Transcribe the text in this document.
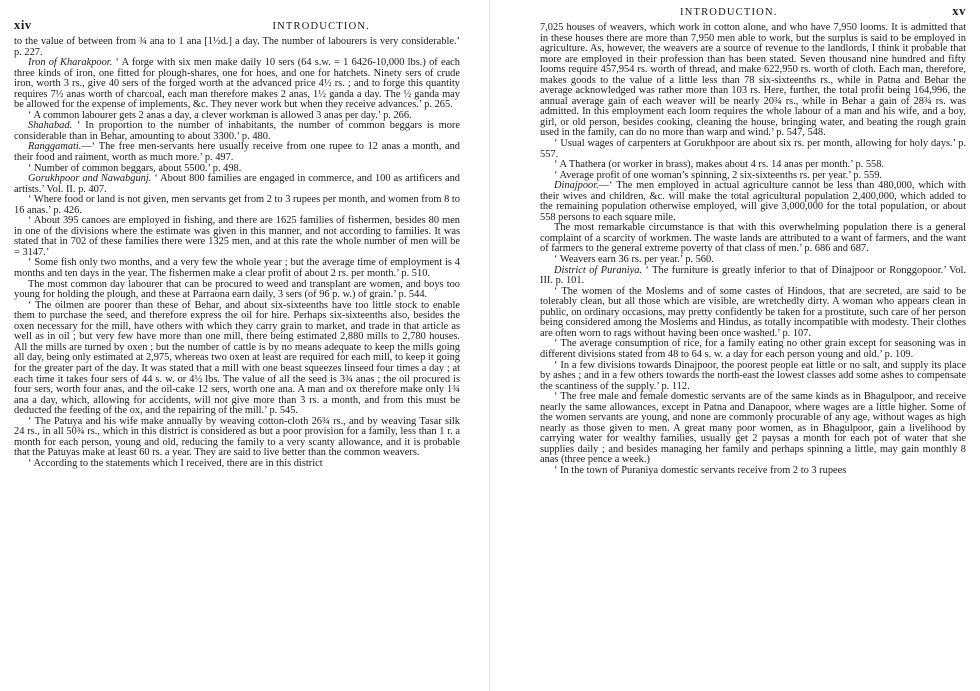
xiv	INTRODUCTION.

to the value of between from ¾ ana to 1 ana [1½d.] a day. The number of labourers is very considerable.’ p. 227.

Iron of Kharakpoor. ‘ A forge with six men make daily 10 sers (64 s.w. = 1 6426-10,000 lbs.) of each three kinds of iron, one fitted for plough-shares, one for hoes, and one for hatchets. Ninety sers of crude iron, worth 3 rs., give 40 sers of the forged worth at the advanced price 4½ rs. ; and to forge this quantity requires 7½ anas worth of charcoal, each man therefore makes 2 anas, 1½ ganda a day. The ½ ganda may be allowed for the expense of implements, &c. They never work but when they receive advances.’ p. 265.

‘ A common labourer gets 2 anas a day, a clever workman is allowed 3 anas per day.’ p. 266.

Shahabad. ‘ In proportion to the number of inhabitants, the number of common beggars is more considerable than in Behar, amounting to about 3300.’ p. 480.

Ranggamati.—‘ The free men-servants here usually receive from one rupee to 12 anas a month, and their food and raiment, worth as much more.’ p. 497.

‘ Number of common beggars, about 5500.’ p. 498.

Gorukhpoor and Nawabgunj. ‘ About 800 families are engaged in commerce, and 100 as artificers and artists.’ Vol. II. p. 407.

‘ Where food or land is not given, men servants get from 2 to 3 rupees per month, and women from 8 to 16 anas.’ p. 426.

‘ About 395 canoes are employed in fishing, and there are 1625 families of fishermen, besides 80 men in one of the divisions where the estimate was given in this manner, and not according to families. It was stated that in 702 of these families there were 1325 men, and at this rate the whole number of men will be = 3147.’

‘ Some fish only two months, and a very few the whole year ; but the average time of employment is 4 months and ten days in the year. The fishermen make a clear profit of about 2 rs. per month.’ p. 510.

The most common day labourer that can be procured to weed and transplant are women, and boys too young for holding the plough, and these at Parraona earn daily, 3 sers (of 96 p. w.) of grain.’ p. 544.

‘ The oilmen are poorer than these of Behar, and about six-sixteenths have too little stock to enable them to purchase the seed, and therefore express the oil for hire. Perhaps six-sixteenths also, besides the oxen necessary for the mill, have others with which they carry grain to market, and trade in that article as well as in oil ; but very few have more than one mill, there being estimated 2,880 mills to 2,780 houses. All the mills are turned by oxen ; but the number of cattle is by no means adequate to keep the mills going all day, being only estimated at 2,975, whereas two oxen at least are required for each mill, to keep it going for the greater part of the day. It was stated that a mill with one beast squeezes linseed four times a day ; at each time it takes four sers of 44 s. w. or 4½ lbs. The value of all the seed is 3¾ anas ; the oil procured is four sers, worth four anas, and the oil-cake 12 sers, worth one ana. A man and ox therefore make only 1¾ ana a day, which, allowing for accidents, will not give more than 3 rs. a month, and from this must be deducted the feeding of the ox, and the repairing of the mill.’ p. 545.

‘ The Patuya and his wife make annually by weaving cotton-cloth 26¾ rs., and by weaving Tasar silk 24 rs., in all 50¾ rs., which in this district is considered as but a poor provision for a family, less than 1 r. a month for each person, young and old, reducing the family to a very scanty allowance, and it is probable that the Patuyas make at least 60 rs. a year. They are said to live better than the common weavers.

‘ According to the statements which I received, there are in this district

INTRODUCTION.	xv

7,025 houses of weavers, which work in cotton alone, and who have 7,950 looms. It is admitted that in these houses there are more than 7,950 men able to work, but the surplus is said to be employed in agriculture. As, however, the weavers are a source of revenue to the landlords, I think it probable that more are employed in their profession than has been stated. Seven thousand nine hundred and fifty looms require 457,954 rs. worth of thread, and make 622,950 rs. worth of cloth. Each man, therefore, makes goods to the value of a little less than 78 six-sixteenths rs., while in Patna and Behar the average acknowledged was rather more than 103 rs. Here, further, the total profit being 164,996, the annual average gain of each weaver will be nearly 20¾ rs., while in Behar a gain of 28¾ rs. was admitted. In this employment each loom requires the whole labour of a man and his wife, and a boy, girl, or old person, besides cooking, cleaning the house, bringing water, and beating the rough grain used in the family, can do no more than warp and wind.’ p. 547, 548.

‘ Usual wages of carpenters at Gorukhpoor are about six rs. per month, allowing for holy days.’ p. 557.

‘ A Thathera (or worker in brass), makes about 4 rs. 14 anas per month.’ p. 558.

‘ Average profit of one woman’s spinning, 2 six-sixteenths rs. per year.’ p. 559.

Dinajpoor.—‘ The men employed in actual agriculture cannot be less than 480,000, which with their wives and children, &c. will make the total agricultural population 2,400,000, which added to the remaining population otherwise employed, will give 3,000,000 for the total population, or about 558 persons to each square mile.

The most remarkable circumstance is that with this overwhelming population there is a general complaint of a scarcity of workmen. The waste lands are attributed to a want of farmers, and the want of farmers to the general extreme poverty of that class of men.’ p. 686 and 687.

‘ Weavers earn 36 rs. per year.’ p. 560.

District of Puraniya. ‘ The furniture is greatly inferior to that of Dinajpoor or Ronggopoor.’ Vol. III. p. 101.

‘ The women of the Moslems and of some castes of Hindoos, that are secreted, are said to be tolerably clean, but all those which are visible, are wretchedly dirty. A woman who appears clean in public, on ordinary occasions, may pretty confidently be taken for a prostitute, such care of her person being considered among the Moslems and Hindus, as totally incompatible with modesty. Their clothes are often worn to rags without having been once washed.’ p. 107.

‘ The average consumption of rice, for a family eating no other grain except for seasoning was in different divisions stated from 48 to 64 s. w. a day for each person young and old.’ p. 109.

‘ In a few divisions towards Dinajpoor, the poorest people eat little or no salt, and supply its place by ashes ; and in a few others towards the north-east the lowest classes add some ashes to compensate the scantiness of the supply.’ p. 112.

‘ The free male and female domestic servants are of the same kinds as in Bhagulpoor, and receive nearly the same allowances, except in Patna and Danapoor, where wages are a little higher. Some of the women servants are young, and none are commonly procurable of any age, without wages as high nearly as those given to men. A great many poor women, as in Bhagulpoor, gain a livelihood by carrying water for wealthy families, usually get 2 paysas a month for each pot of water that she supplies daily ; and besides managing her family and perhaps spinning a little, may gain monthly 8 anas (three pence a week.)

‘ In the town of Puraniya domestic servants receive from 2 to 3 rupees
